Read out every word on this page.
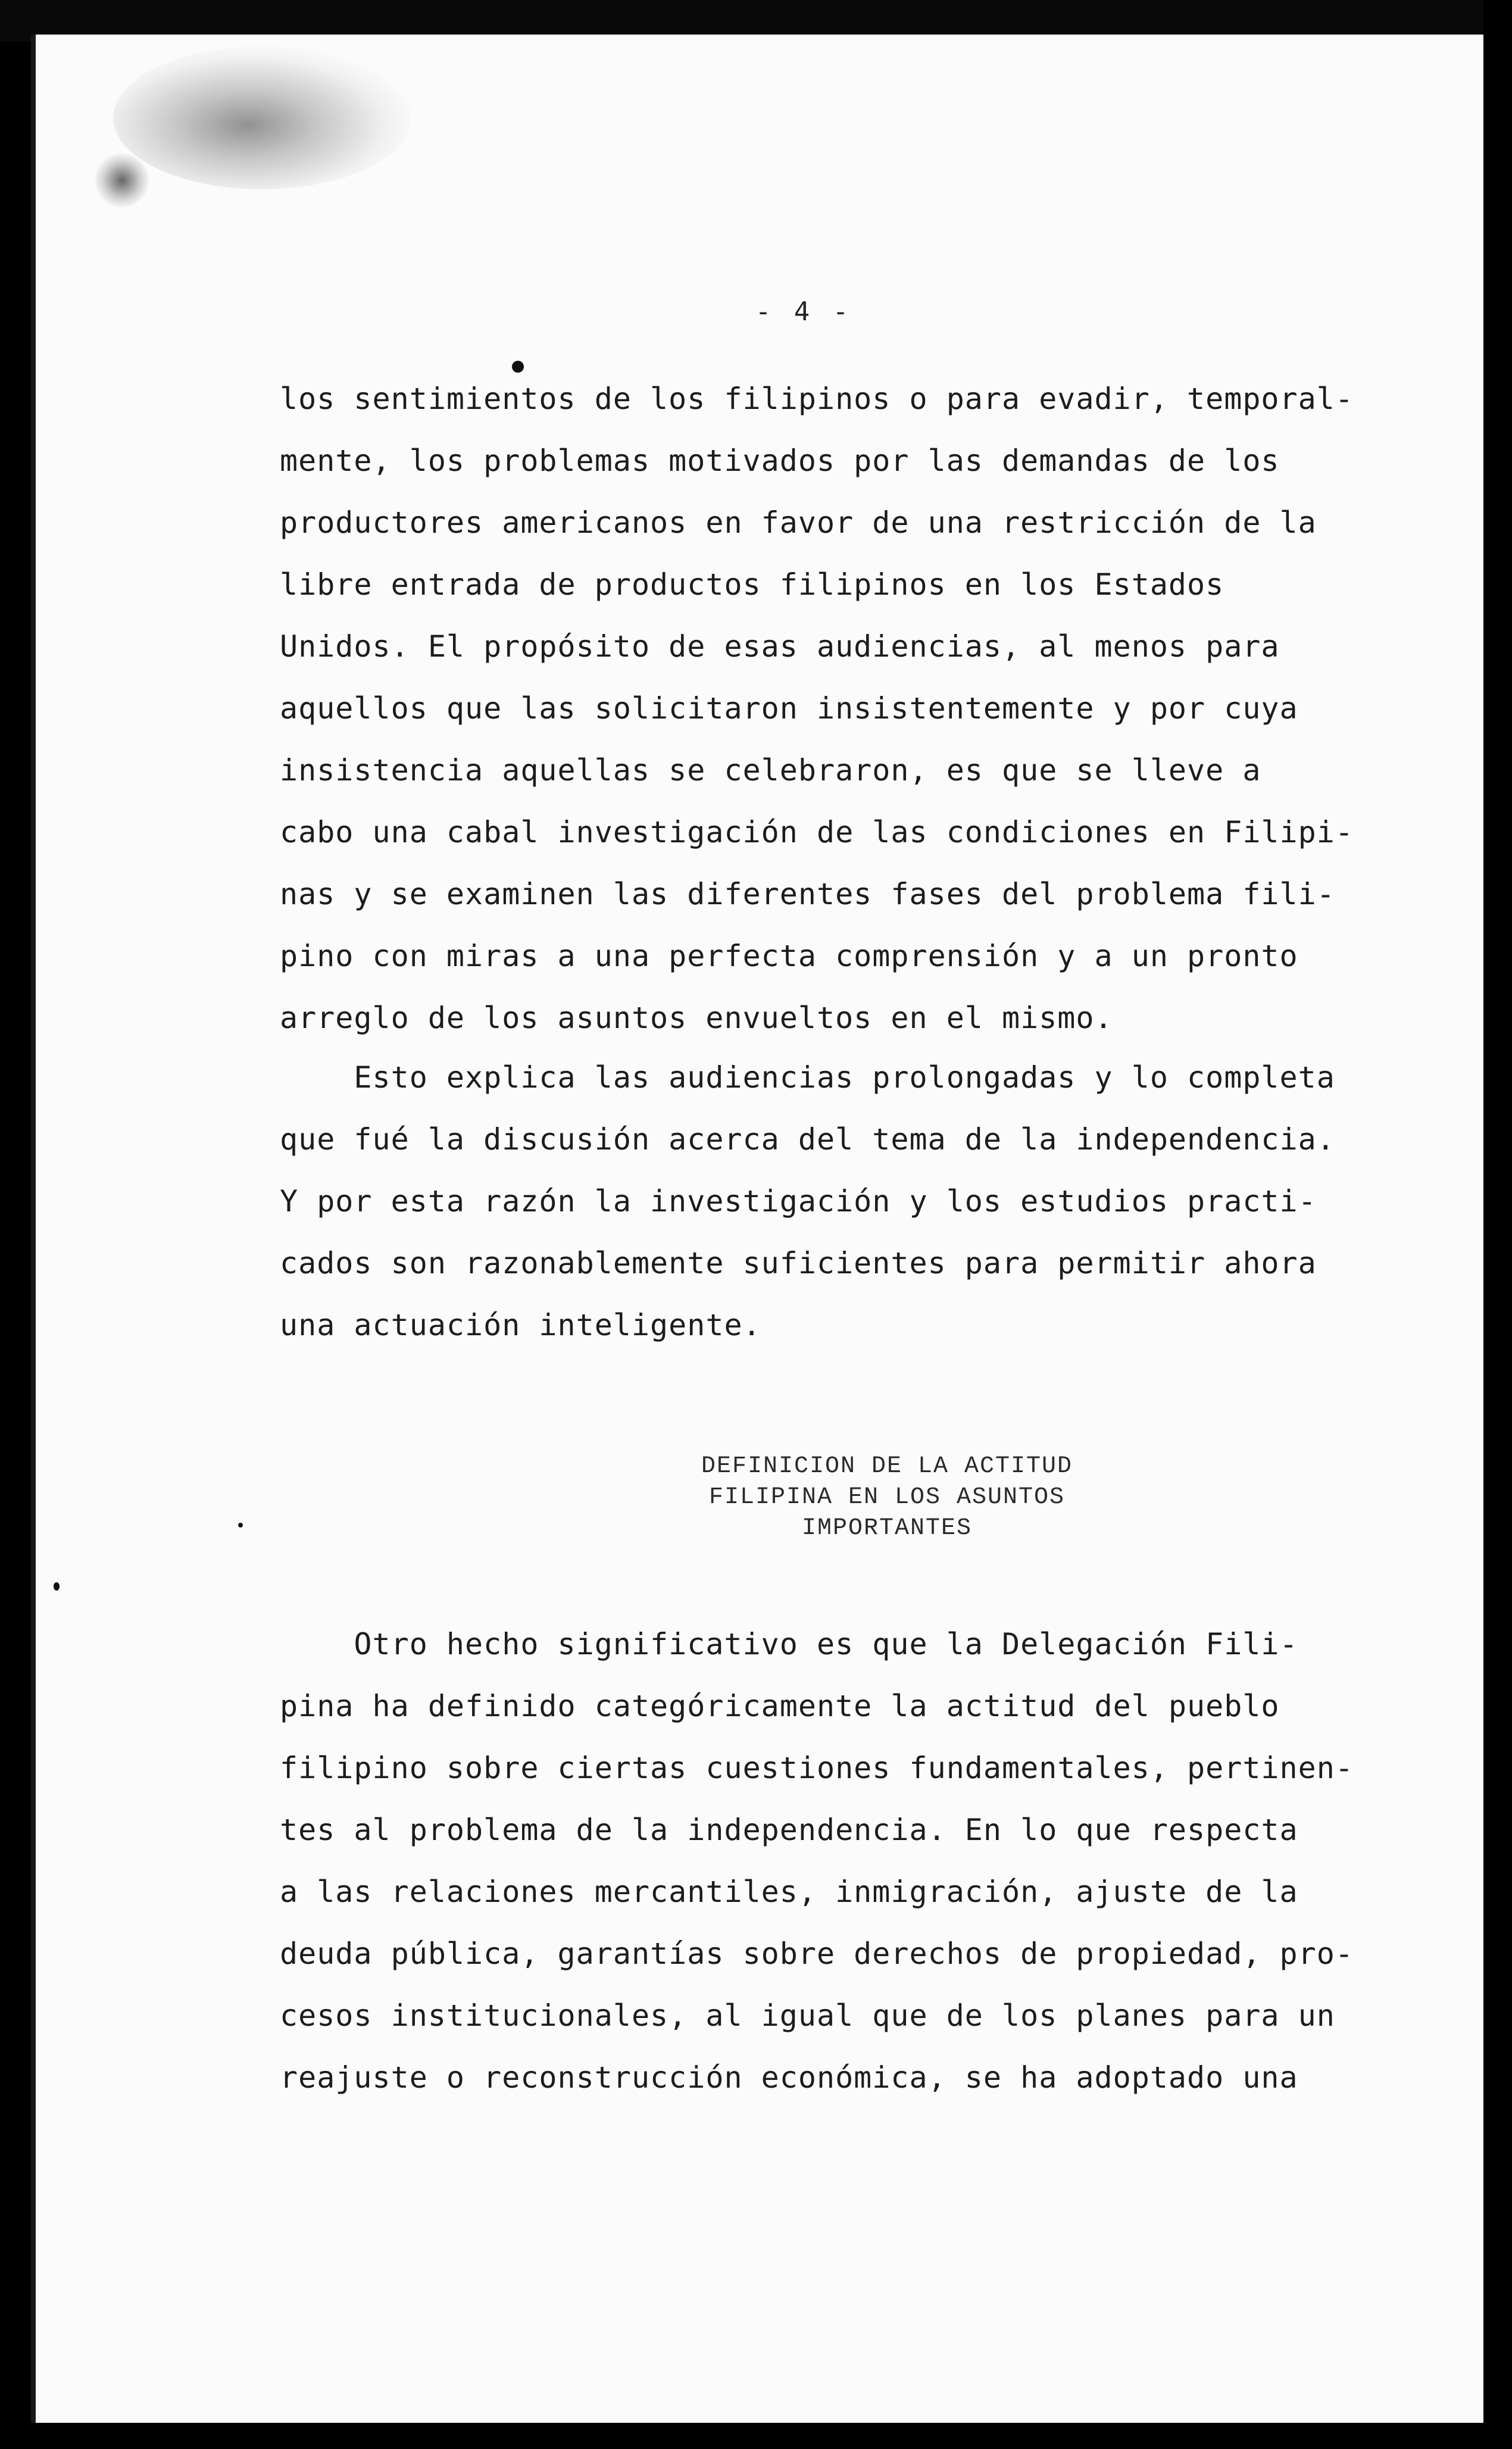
- 4 -
los sentimientos de los filipinos o para evadir, temporal-
mente, los problemas motivados por las demandas de los
productores americanos en favor de una restricción de la
libre entrada de productos filipinos en los Estados
Unidos. El propósito de esas audiencias, al menos para
aquellos que las solicitaron insistentemente y por cuya
insistencia aquellas se celebraron, es que se lleve a
cabo una cabal investigación de las condiciones en Filipi-
nas y se examinen las diferentes fases del problema fili-
pino con miras a una perfecta comprensión y a un pronto
arreglo de los asuntos envueltos en el mismo.
Esto explica las audiencias prolongadas y lo completa
que fué la discusión acerca del tema de la independencia.
Y por esta razón la investigación y los estudios practi-
cados son razonablemente suficientes para permitir ahora
una actuación inteligente.
DEFINICION DE LA ACTITUD
FILIPINA EN LOS ASUNTOS
IMPORTANTES
Otro hecho significativo es que la Delegación Fili-
pina ha definido categóricamente la actitud del pueblo
filipino sobre ciertas cuestiones fundamentales, pertinen-
tes al problema de la independencia. En lo que respecta
a las relaciones mercantiles, inmigración, ajuste de la
deuda pública, garantías sobre derechos de propiedad, pro-
cesos institucionales, al igual que de los planes para un
reajuste o reconstrucción económica, se ha adoptado una
